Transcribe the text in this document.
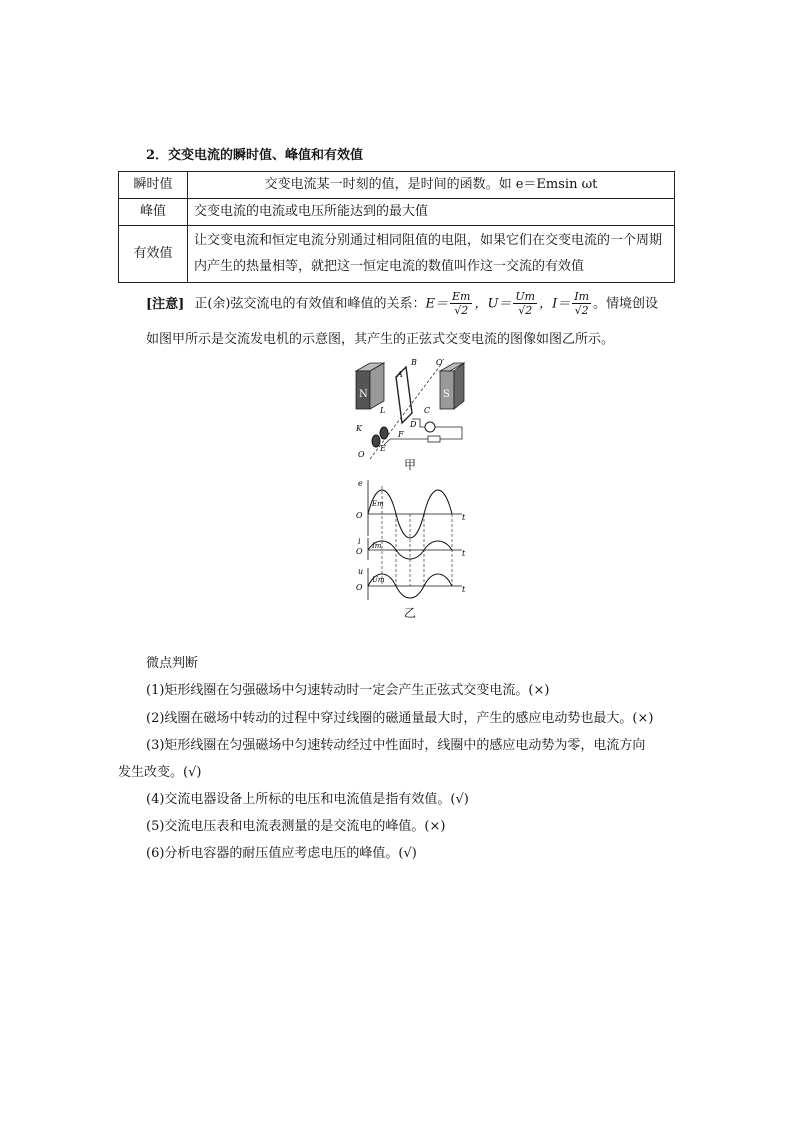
2．交变电流的瞬时值、峰值和有效值
瞬时值	交变电流某一时刻的值，是时间的函数。如 e＝Emsin ωt
峰值	交变电流的电流或电压所能达到的最大值
有效值	让交变电流和恒定电流分别通过相同阻值的电阻，如果它们在交变电流的一个周期内产生的热量相等，就把这一恒定电流的数值叫作这一交流的有效值
[注意] 正(余)弦交流电的有效值和峰值的关系：$E= \frac{Em}{√2}$ ，$U= \frac{Um}{√2}$ ，$I= \frac{Im}{√2}$ 。情境创设
如图甲所示是交流发电机的示意图，其产生的正弦式交变电流的图像如图乙所示。
N	S
A
B
C
D
E
F
K
L
O
O′
甲
e
Em
O	t
i Im
O	t
u
Um
O	t
乙
微点判断
(1)矩形线圈在匀强磁场中匀速转动时一定会产生正弦式交变电流。(×)
(2)线圈在磁场中转动的过程中穿过线圈的磁通量最大时，产生的感应电动势也最大。(×)
(3)矩形线圈在匀强磁场中匀速转动经过中性面时，线圈中的感应电动势为零，电流方向
发生改变。(√)
(4)交流电器设备上所标的电压和电流值是指有效值。(√)
(5)交流电压表和电流表测量的是交流电的峰值。(×)
(6)分析电容器的耐压值应考虑电压的峰值。(√)
